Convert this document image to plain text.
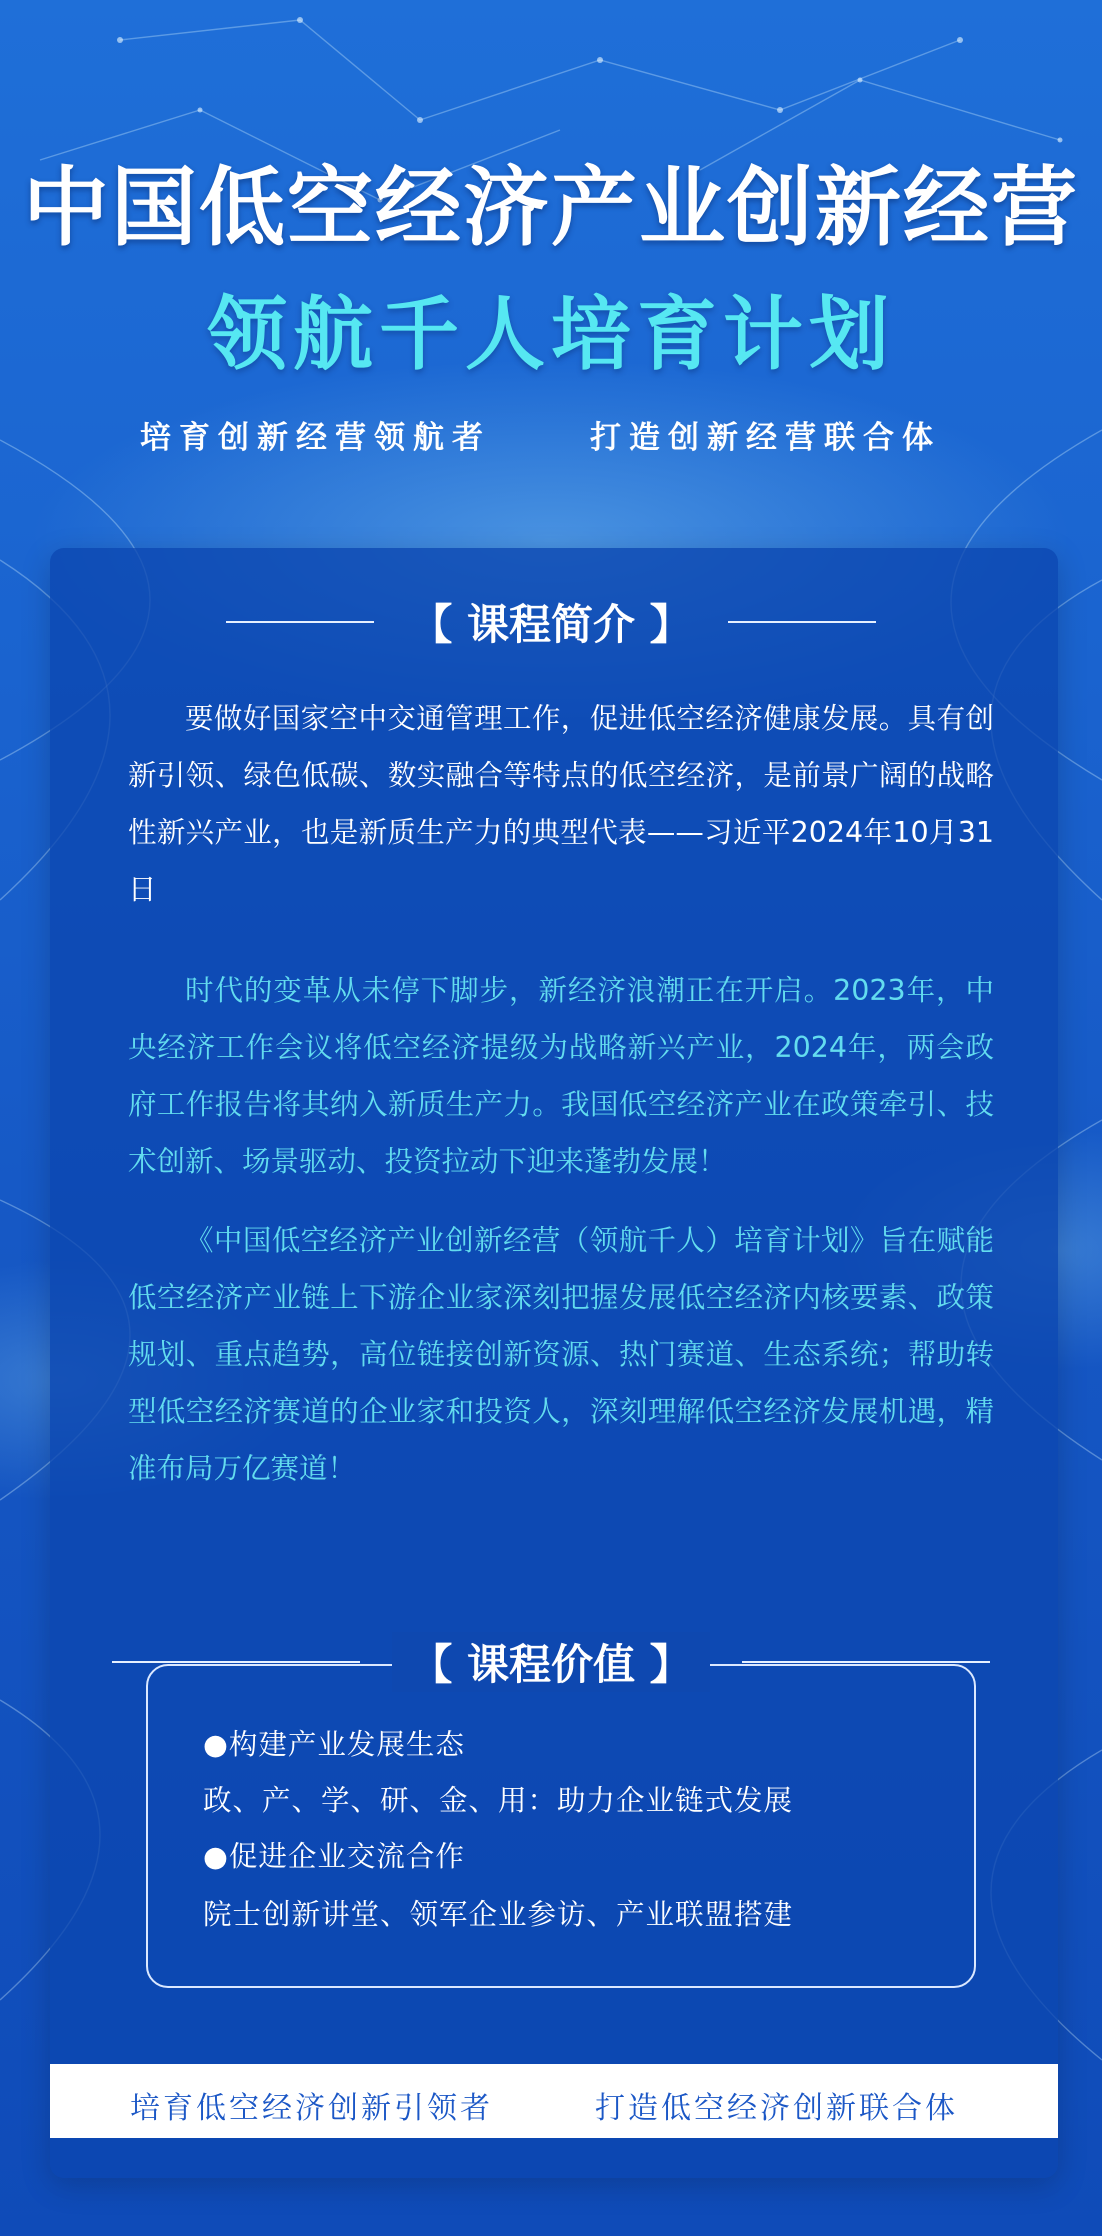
中国低空经济产业创新经营
领航千人培育计划
培育创新经营领航者	打造创新经营联合体
【 课程简介 】
要做好国家空中交通管理工作，促进低空经济健康发展。具有创新引领、绿色低碳、数实融合等特点的低空经济，是前景广阔的战略性新兴产业，也是新质生产力的典型代表——习近平2024年10月31日
时代的变革从未停下脚步，新经济浪潮正在开启。2023年，中央经济工作会议将低空经济提级为战略新兴产业，2024年，两会政府工作报告将其纳入新质生产力。我国低空经济产业在政策牵引、技术创新、场景驱动、投资拉动下迎来蓬勃发展！
《中国低空经济产业创新经营（领航千人）培育计划》旨在赋能低空经济产业链上下游企业家深刻把握发展低空经济内核要素、政策规划、重点趋势，高位链接创新资源、热门赛道、生态系统；帮助转型低空经济赛道的企业家和投资人，深刻理解低空经济发展机遇，精准布局万亿赛道！
【 课程价值 】
●构建产业发展生态
政、产、学、研、金、用：助力企业链式发展
●促进企业交流合作
院士创新讲堂、领军企业参访、产业联盟搭建
培育低空经济创新引领者	打造低空经济创新联合体
